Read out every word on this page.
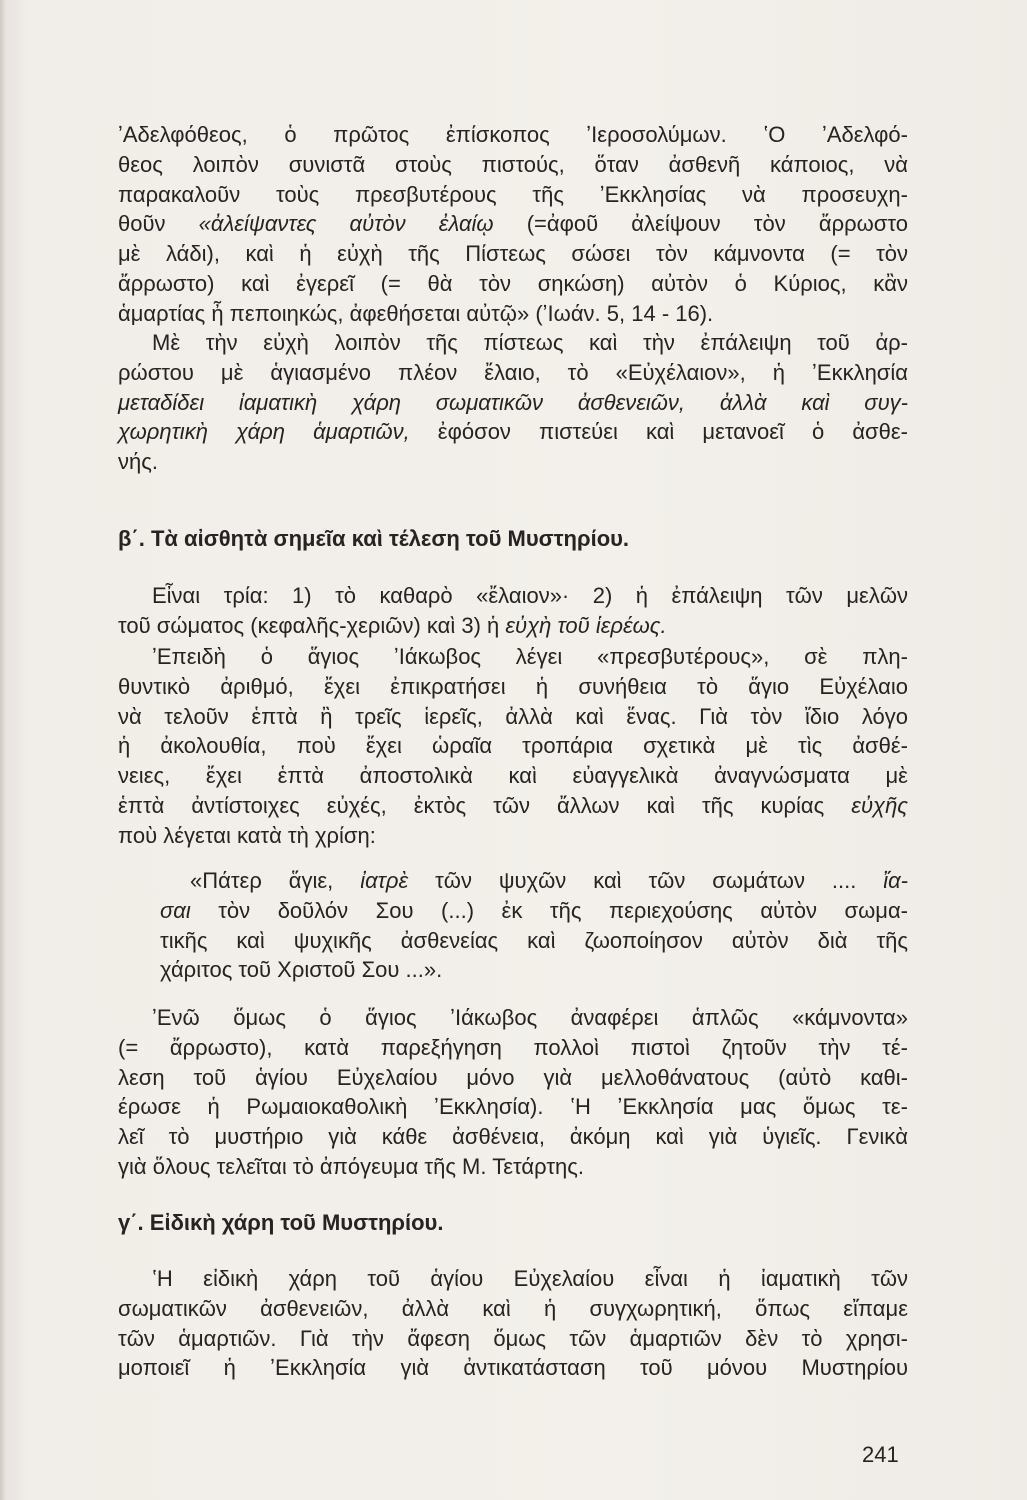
ʼΑδελφόθεος, ὁ πρῶτος ἐπίσκοπος ʼΙεροσολύμων. ʽΟ ʼΑδελφό-
θεος λοιπὸν συνιστᾶ στοὺς πιστούς, ὅταν ἀσθενῆ κάποιος, νὰ
παρακαλοῦν τοὺς πρεσβυτέρους τῆς ʼΕκκλησίας νὰ προσευχη-
θοῦν «ἀλείψαντες αὐτὸν ἐλαίῳ (=ἀφοῦ ἀλείψουν τὸν ἄρρωστο
μὲ λάδι), καὶ ἡ εὐχὴ τῆς Πίστεως σώσει τὸν κάμνοντα (= τὸν
ἄρρωστο) καὶ ἐγερεῖ (= θὰ τὸν σηκώση) αὐτὸν ὁ Κύριος, κἂν
ἁμαρτίας ἦ πεποιηκώς, ἀφεθήσεται αὐτῷ» (ʼΙωάν. 5, 14 - 16).
Μὲ τὴν εὐχὴ λοιπὸν τῆς πίστεως καὶ τὴν ἐπάλειψη τοῦ ἀρ-
ρώστου μὲ ἁγιασμένο πλέον ἔλαιο, τὸ «Εὐχέλαιον», ἡ ʼΕκκλησία
μεταδίδει ἰαματικὴ χάρη σωματικῶν ἀσθενειῶν, ἀλλὰ καὶ συγ-
χωρητικὴ χάρη ἁμαρτιῶν, ἐφόσον πιστεύει καὶ μετανοεῖ ὁ ἀσθε-
νής.
β΄. Τὰ αἰσθητὰ σημεῖα καὶ τέλεση τοῦ Μυστηρίου.
Εἶναι τρία: 1) τὸ καθαρὸ «ἔλαιον»· 2) ἡ ἐπάλειψη τῶν μελῶν
τοῦ σώματος (κεφαλῆς-χεριῶν) καὶ 3) ἡ εὐχὴ τοῦ ἱερέως.
ʼΕπειδὴ ὁ ἅγιος ʼΙάκωβος λέγει «πρεσβυτέρους», σὲ πλη-
θυντικὸ ἀριθμό, ἔχει ἐπικρατήσει ἡ συνήθεια τὸ ἅγιο Εὐχέλαιο
νὰ τελοῦν ἑπτὰ ἢ τρεῖς ἱερεῖς, ἀλλὰ καὶ ἕνας. Γιὰ τὸν ἴδιο λόγο
ἡ ἀκολουθία, ποὺ ἔχει ὡραῖα τροπάρια σχετικὰ μὲ τὶς ἀσθέ-
νειες, ἔχει ἑπτὰ ἀποστολικὰ καὶ εὐαγγελικὰ ἀναγνώσματα μὲ
ἑπτὰ ἀντίστοιχες εὐχές, ἐκτὸς τῶν ἄλλων καὶ τῆς κυρίας εὐχῆς
ποὺ λέγεται κατὰ τὴ χρίση:
«Πάτερ ἅγιε, ἰατρὲ τῶν ψυχῶν καὶ τῶν σωμάτων .... ἴα-
σαι τὸν δοῦλόν Σου (...) ἐκ τῆς περιεχούσης αὐτὸν σωμα-
τικῆς καὶ ψυχικῆς ἀσθενείας καὶ ζωοποίησον αὐτὸν διὰ τῆς
χάριτος τοῦ Χριστοῦ Σου ...».
ʼΕνῶ ὅμως ὁ ἅγιος ʼΙάκωβος ἀναφέρει ἁπλῶς «κάμνοντα»
(= ἄρρωστο), κατὰ παρεξήγηση πολλοὶ πιστοὶ ζητοῦν τὴν τέ-
λεση τοῦ ἁγίου Εὐχελαίου μόνο γιὰ μελλοθάνατους (αὐτὸ καθι-
έρωσε ἡ Ρωμαιοκαθολικὴ ʼΕκκλησία). ʽΗ ʼΕκκλησία μας ὅμως τε-
λεῖ τὸ μυστήριο γιὰ κάθε ἀσθένεια, ἀκόμη καὶ γιὰ ὑγιεῖς. Γενικὰ
γιὰ ὅλους τελεῖται τὸ ἀπόγευμα τῆς Μ. Τετάρτης.
γ΄. Εἰδικὴ χάρη τοῦ Μυστηρίου.
ʽΗ εἰδικὴ χάρη τοῦ ἁγίου Εὐχελαίου εἶναι ἡ ἰαματικὴ τῶν
σωματικῶν ἀσθενειῶν, ἀλλὰ καὶ ἡ συγχωρητική, ὅπως εἴπαμε
τῶν ἁμαρτιῶν. Γιὰ τὴν ἄφεση ὅμως τῶν ἁμαρτιῶν δὲν τὸ χρησι-
μοποιεῖ ἡ ʼΕκκλησία γιὰ ἀντικατάσταση τοῦ μόνου Μυστηρίου
241
